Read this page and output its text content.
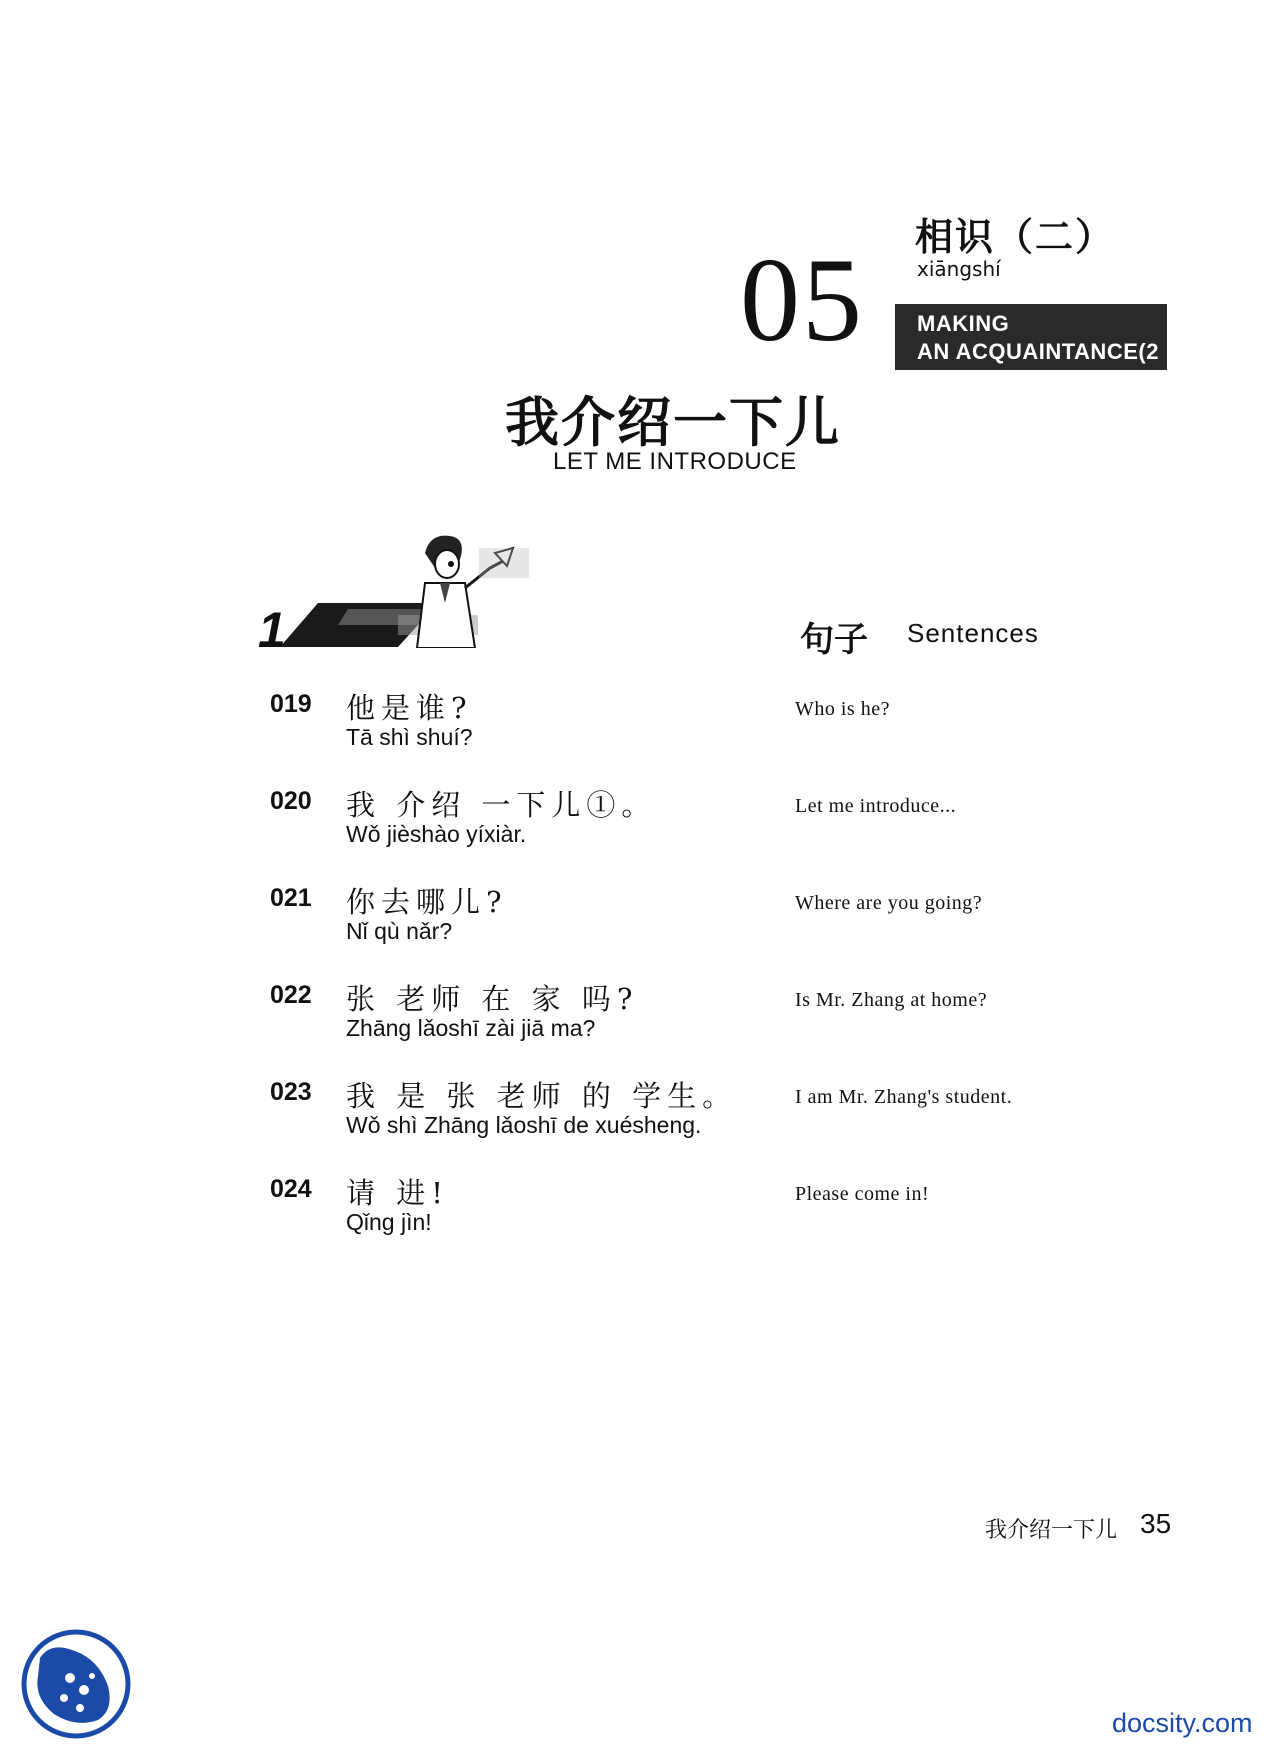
相识（二）
xiāngshí
05 MAKING
AN ACQUAINTANCE(2
我介绍一下儿
LET ME INTRODUCE
1	句子 Sentences
019 他是谁?
Tā shì shuí?
Who is he?
020 我 介绍 一下儿①。
Wǒ jièshào yíxiàr.
Let me introduce...
021 你去哪儿?
Nǐ qù nǎr?
Where are you going?
022 张 老师 在 家 吗?
Zhāng lǎoshī zài jiā ma?
Is Mr. Zhang at home?
023 我 是 张 老师 的 学生。
Wǒ shì Zhāng lǎoshī de xuésheng.
I am Mr. Zhang's student.
024 请 进!
Qǐng jìn!
Please come in!
我介绍一下儿 35
docsity.com
